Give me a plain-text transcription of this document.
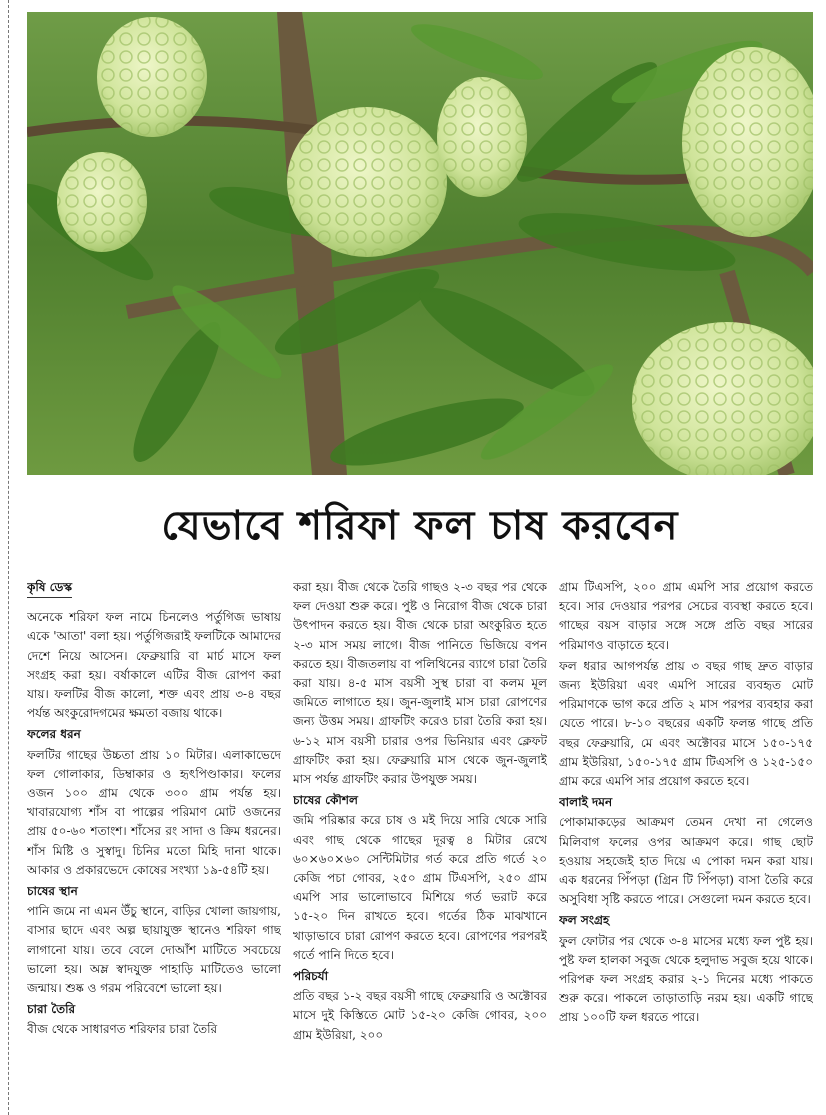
যেভাবে শরিফা ফল চাষ করবেন
কৃষি ডেস্ক

অনেকে শরিফা ফল নামে চিনলেও পর্তুগিজ ভাষায় একে 'আতা' বলা হয়। পর্তুগিজরাই ফলটিকে আমাদের দেশে নিয়ে আসেন। ফেব্রুয়ারি বা মার্চ মাসে ফল সংগ্রহ করা হয়। বর্ষাকালে এটির বীজ রোপণ করা যায়। ফলটির বীজ কালো, শক্ত এবং প্রায় ৩-৪ বছর পর্যন্ত অংকুরোদগমের ক্ষমতা বজায় থাকে।

ফলের ধরন

ফলটির গাছের উচ্চতা প্রায় ১০ মিটার। এলাকাভেদে ফল গোলাকার, ডিম্বাকার ও হৃৎপিণ্ডাকার। ফলের ওজন ১০০ গ্রাম থেকে ৩০০ গ্রাম পর্যন্ত হয়। খাবারযোগ্য শাঁস বা পাল্পের পরিমাণ মোট ওজনের প্রায় ৫০-৬০ শতাংশ। শাঁসের রং সাদা ও ক্রিম ধরনের। শাঁস মিষ্টি ও সুস্বাদু। চিনির মতো মিহি দানা থাকে। আকার ও প্রকারভেদে কোষের সংখ্যা ১৯-৫৪টি হয়।

চাষের স্থান

পানি জমে না এমন উঁচু স্থানে, বাড়ির খোলা জায়গায়, বাসার ছাদে এবং অল্প ছায়াযুক্ত স্থানেও শরিফা গাছ লাগানো যায়। তবে বেলে দোআঁশ মাটিতে সবচেয়ে ভালো হয়। অম্ল স্বাদযুক্ত পাহাড়ি মাটিতেও ভালো জন্মায়। শুষ্ক ও গরম পরিবেশে ভালো হয়।

চারা তৈরি

বীজ থেকে সাধারণত শরিফার চারা তৈরি

করা হয়। বীজ থেকে তৈরি গাছও ২-৩ বছর পর থেকে ফল দেওয়া শুরু করে। পুষ্ট ও নিরোগ বীজ থেকে চারা উৎপাদন করতে হয়। বীজ থেকে চারা অংকুরিত হতে ২-৩ মাস সময় লাগে। বীজ পানিতে ভিজিয়ে বপন করতে হয়। বীজতলায় বা পলিথিনের ব্যাগে চারা তৈরি করা যায়। ৪-৫ মাস বয়সী সুস্থ চারা বা কলম মূল জমিতে লাগাতে হয়। জুন-জুলাই মাস চারা রোপণের জন্য উত্তম সময়। গ্রাফটিং করেও চারা তৈরি করা হয়। ৬-১২ মাস বয়সী চারার ওপর ভিনিয়ার এবং ক্লেফট গ্রাফটিং করা হয়। ফেব্রুয়ারি মাস থেকে জুন-জুলাই মাস পর্যন্ত গ্রাফটিং করার উপযুক্ত সময়।

চাষের কৌশল

জমি পরিষ্কার করে চাষ ও মই দিয়ে সারি থেকে সারি এবং গাছ থেকে গাছের দূরত্ব ৪ মিটার রেখে ৬০×৬০×৬০ সেন্টিমিটার গর্ত করে প্রতি গর্তে ২০ কেজি পচা গোবর, ২৫০ গ্রাম টিএসপি, ২৫০ গ্রাম এমপি সার ভালোভাবে মিশিয়ে গর্ত ভরাট করে ১৫-২০ দিন রাখতে হবে। গর্তের ঠিক মাঝখানে খাড়াভাবে চারা রোপণ করতে হবে। রোপণের পরপরই গর্তে পানি দিতে হবে।

পরিচর্যা

প্রতি বছর ১-২ বছর বয়সী গাছে ফেব্রুয়ারি ও অক্টোবর মাসে দুই কিস্তিতে মোট ১৫-২০ কেজি গোবর, ২০০ গ্রাম ইউরিয়া, ২০০

গ্রাম টিএসপি, ২০০ গ্রাম এমপি সার প্রয়োগ করতে হবে। সার দেওয়ার পরপর সেচের ব্যবস্থা করতে হবে। গাছের বয়স বাড়ার সঙ্গে সঙ্গে প্রতি বছর সারের পরিমাণও বাড়াতে হবে।

ফল ধরার আগপর্যন্ত প্রায় ৩ বছর গাছ দ্রুত বাড়ার জন্য ইউরিয়া এবং এমপি সারের ব্যবহৃত মোট পরিমাণকে ভাগ করে প্রতি ২ মাস পরপর ব্যবহার করা যেতে পারে। ৮-১০ বছরের একটি ফলন্ত গাছে প্রতি বছর ফেব্রুয়ারি, মে এবং অক্টোবর মাসে ১৫০-১৭৫ গ্রাম ইউরিয়া, ১৫০-১৭৫ গ্রাম টিএসপি ও ১২৫-১৫০ গ্রাম করে এমপি সার প্রয়োগ করতে হবে।

বালাই দমন

পোকামাকড়ের আক্রমণ তেমন দেখা না গেলেও মিলিবাগ ফলের ওপর আক্রমণ করে। গাছ ছোট হওয়ায় সহজেই হাত দিয়ে এ পোকা দমন করা যায়। এক ধরনের পিঁপড়া (গ্রিন টি পিঁপড়া) বাসা তৈরি করে অসুবিধা সৃষ্টি করতে পারে। সেগুলো দমন করতে হবে।

ফল সংগ্রহ

ফুল ফোটার পর থেকে ৩-৪ মাসের মধ্যে ফল পুষ্ট হয়। পুষ্ট ফল হালকা সবুজ থেকে হলুদাভ সবুজ হয়ে থাকে। পরিপক্ব ফল সংগ্রহ করার ২-১ দিনের মধ্যে পাকতে শুরু করে। পাকলে তাড়াতাড়ি নরম হয়। একটি গাছে প্রায় ১০০টি ফল ধরতে পারে।
